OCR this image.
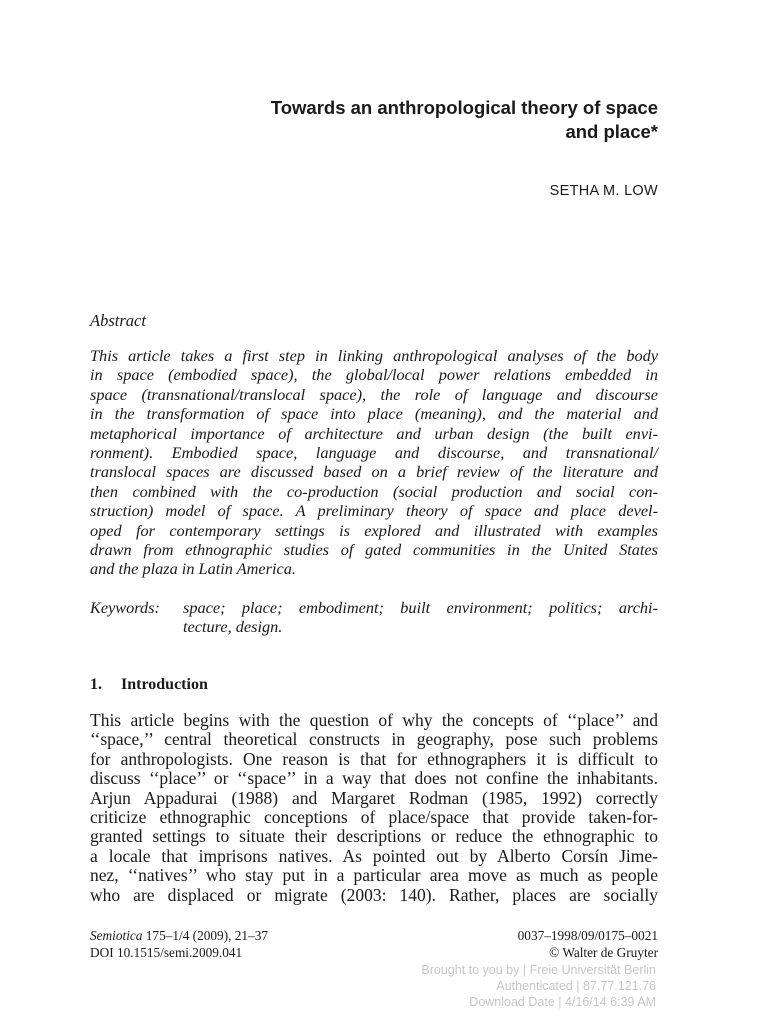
Towards an anthropological theory of space
and place*
SETHA M. LOW
Abstract
This article takes a first step in linking anthropological analyses of the body
in space (embodied space), the global/local power relations embedded in
space (transnational/translocal space), the role of language and discourse
in the transformation of space into place (meaning), and the material and
metaphorical importance of architecture and urban design (the built envi-
ronment). Embodied space, language and discourse, and transnational/
translocal spaces are discussed based on a brief review of the literature and
then combined with the co-production (social production and social con-
struction) model of space. A preliminary theory of space and place devel-
oped for contemporary settings is explored and illustrated with examples
drawn from ethnographic studies of gated communities in the United States
and the plaza in Latin America.
Keywords: space; place; embodiment; built environment; politics; archi-
tecture, design.
1. Introduction
This article begins with the question of why the concepts of ‘‘place’’ and
‘‘space,’’ central theoretical constructs in geography, pose such problems
for anthropologists. One reason is that for ethnographers it is difficult to
discuss ‘‘place’’ or ‘‘space’’ in a way that does not confine the inhabitants.
Arjun Appadurai (1988) and Margaret Rodman (1985, 1992) correctly
criticize ethnographic conceptions of place/space that provide taken-for-
granted settings to situate their descriptions or reduce the ethnographic to
a locale that imprisons natives. As pointed out by Alberto Corsín Jime-
nez, ‘‘natives’’ who stay put in a particular area move as much as people
who are displaced or migrate (2003: 140). Rather, places are socially
Semiotica 175–1/4 (2009), 21–37
DOI 10.1515/semi.2009.041
0037–1998/09/0175–0021
© Walter de Gruyter
Brought to you by | Freie Universität Berlin
Authenticated | 87.77.121.76
Download Date | 4/16/14 6:39 AM
